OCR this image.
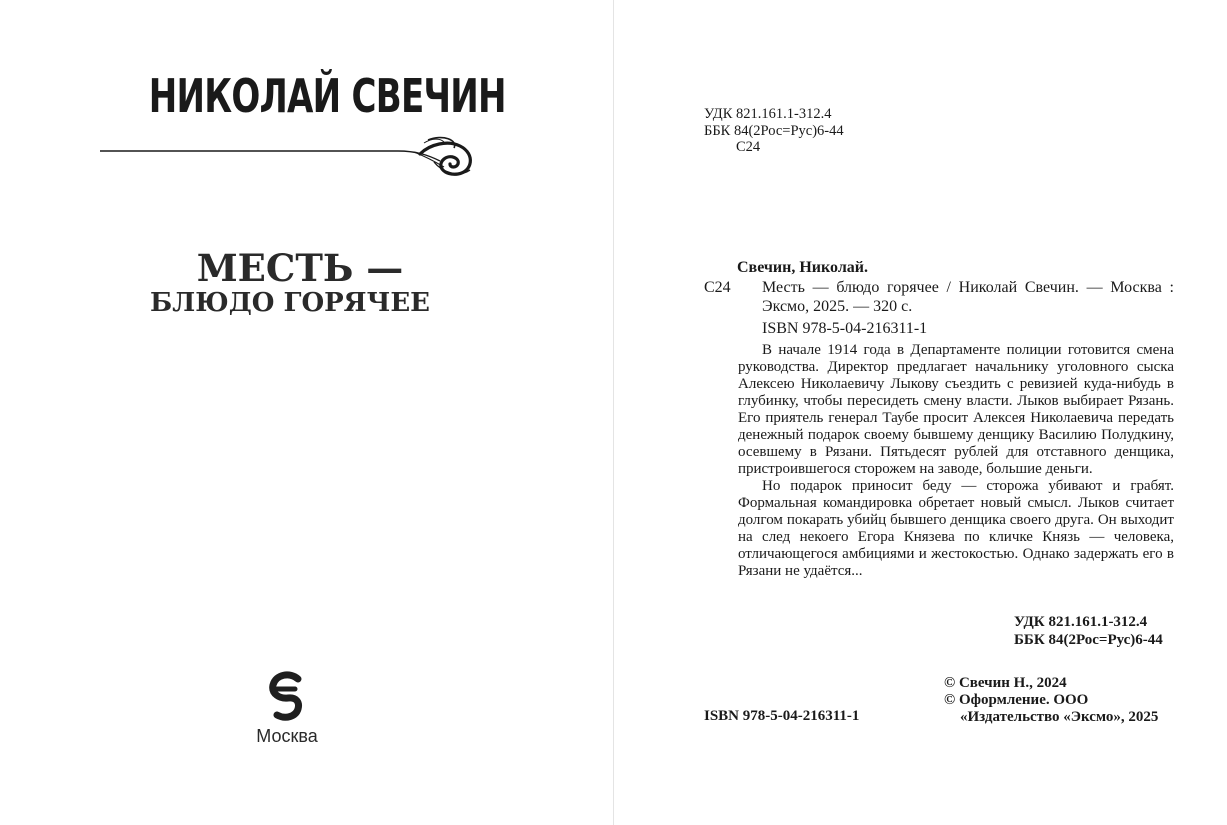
НИКОЛАЙ СВЕЧИН
МЕСТЬ —
БЛЮДО ГОРЯЧЕЕ
Москва
УДК 821.161.1-312.4
ББК 84(2Рос=Рус)6-44
С24
Свечин, Николай.
С24 Месть — блюдо горячее / Николай Свечин. — Москва : Эксмо, 2025. — 320 с.
ISBN 978-5-04-216311-1

В начале 1914 года в Департаменте полиции готовится смена руководства. Директор предлагает начальнику уголовного сыска Алексею Николаевичу Лыкову съездить с ревизией куда-нибудь в глубинку, чтобы пересидеть смену власти. Лыков выбирает Рязань. Его приятель генерал Таубе просит Алексея Николаевича передать денежный подарок своему бывшему денщику Василию Полудкину, осевшему в Рязани. Пятьдесят рублей для отставного денщика, пристроившегося сторожем на заводе, большие деньги.

Но подарок приносит беду — сторожа убивают и грабят. Формальная командировка обретает новый смысл. Лыков считает долгом покарать убийц бывшего денщика своего друга. Он выходит на след некоего Егора Князева по кличке Князь — человека, отличающегося амбициями и жестокостью. Однако задержать его в Рязани не удаётся...

УДК 821.161.1-312.4
ББК 84(2Рос=Рус)6-44
© Свечин Н., 2024
© Оформление. ООО
«Издательство «Эксмо», 2025
ISBN 978-5-04-216311-1
